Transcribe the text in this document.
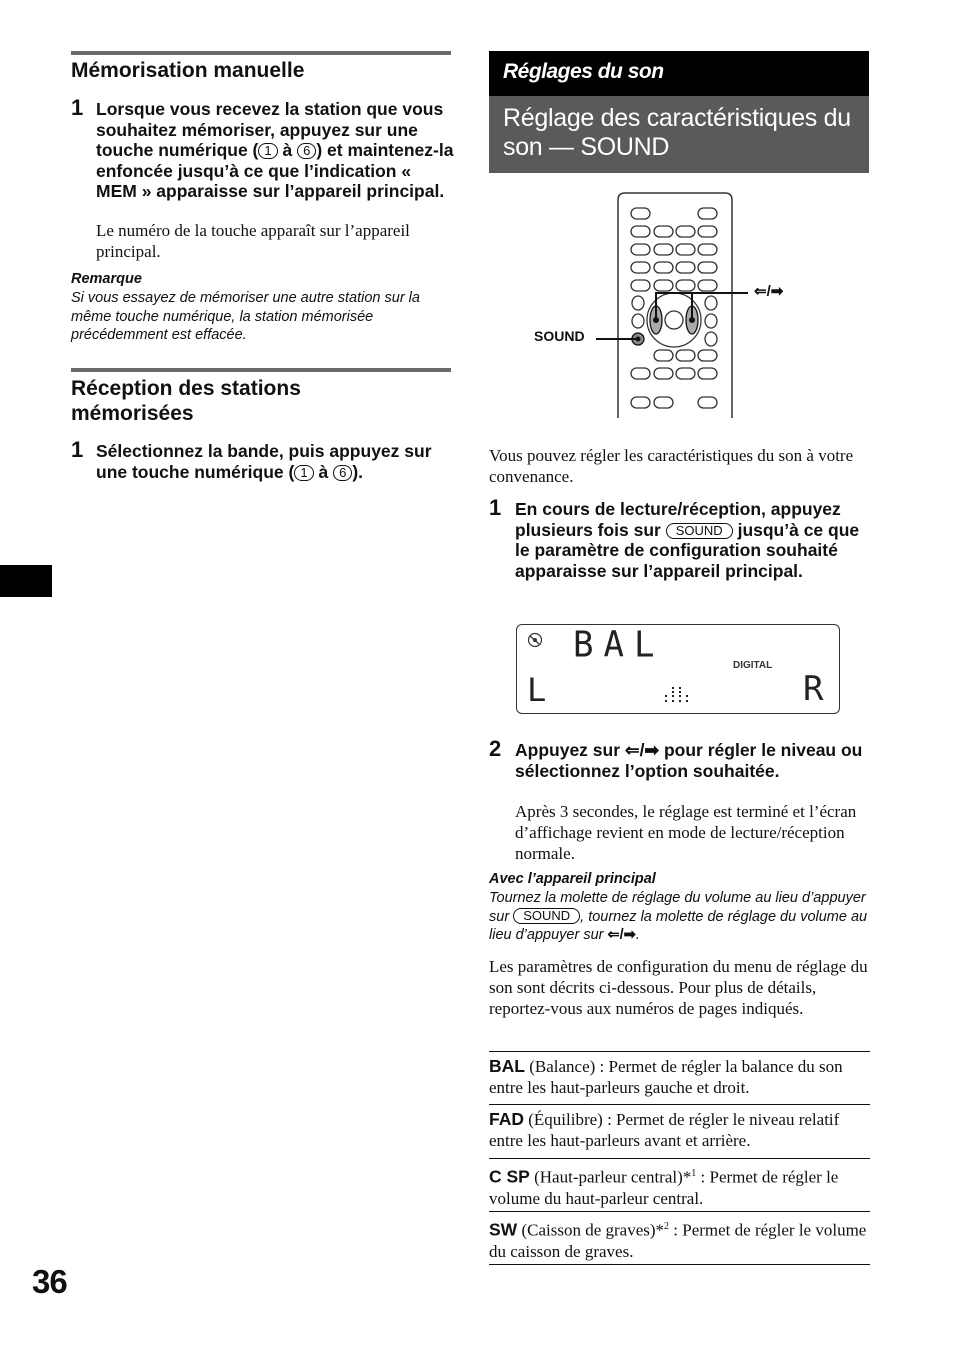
Mémorisation manuelle
1 Lorsque vous recevez la station que vous souhaitez mémoriser, appuyez sur une touche numérique ( 1 à 6 ) et maintenez-la enfoncée jusqu’à ce que l’indication « MEM » apparaisse sur l’appareil principal.
Le numéro de la touche apparaît sur l’appareil principal.
Remarque
Si vous essayez de mémoriser une autre station sur la même touche numérique, la station mémorisée précédemment est effacée.
Réception des stations mémorisées
1 Sélectionnez la bande, puis appuyez sur une touche numérique ( 1 à 6 ).
36
Réglages du son
Réglage des caractéristiques du son — SOUND
SOUND
⇐/➡
Vous pouvez régler les caractéristiques du son à votre convenance.
1 En cours de lecture/réception, appuyez plusieurs fois sur SOUND jusqu’à ce que le paramètre de configuration souhaité apparaisse sur l’appareil principal.
BAL	DIGITAL
L	R
2 Appuyez sur ⇐/➡ pour régler le niveau ou sélectionnez l’option souhaitée.
Après 3 secondes, le réglage est terminé et l’écran d’affichage revient en mode de lecture/réception normale.
Avec l’appareil principal
Tournez la molette de réglage du volume au lieu d’appuyer sur SOUND , tournez la molette de réglage du volume au lieu d’appuyer sur ⇐/➡.
Les paramètres de configuration du menu de réglage du son sont décrits ci-dessous. Pour plus de détails, reportez-vous aux numéros de pages indiqués.
BAL (Balance) : Permet de régler la balance du son entre les haut-parleurs gauche et droit.
FAD (Équilibre) : Permet de régler le niveau relatif entre les haut-parleurs avant et arrière.
C SP (Haut-parleur central)*$^1$ : Permet de régler le volume du haut-parleur central.
SW (Caisson de graves)*$^2$ : Permet de régler le volume du caisson de graves.
